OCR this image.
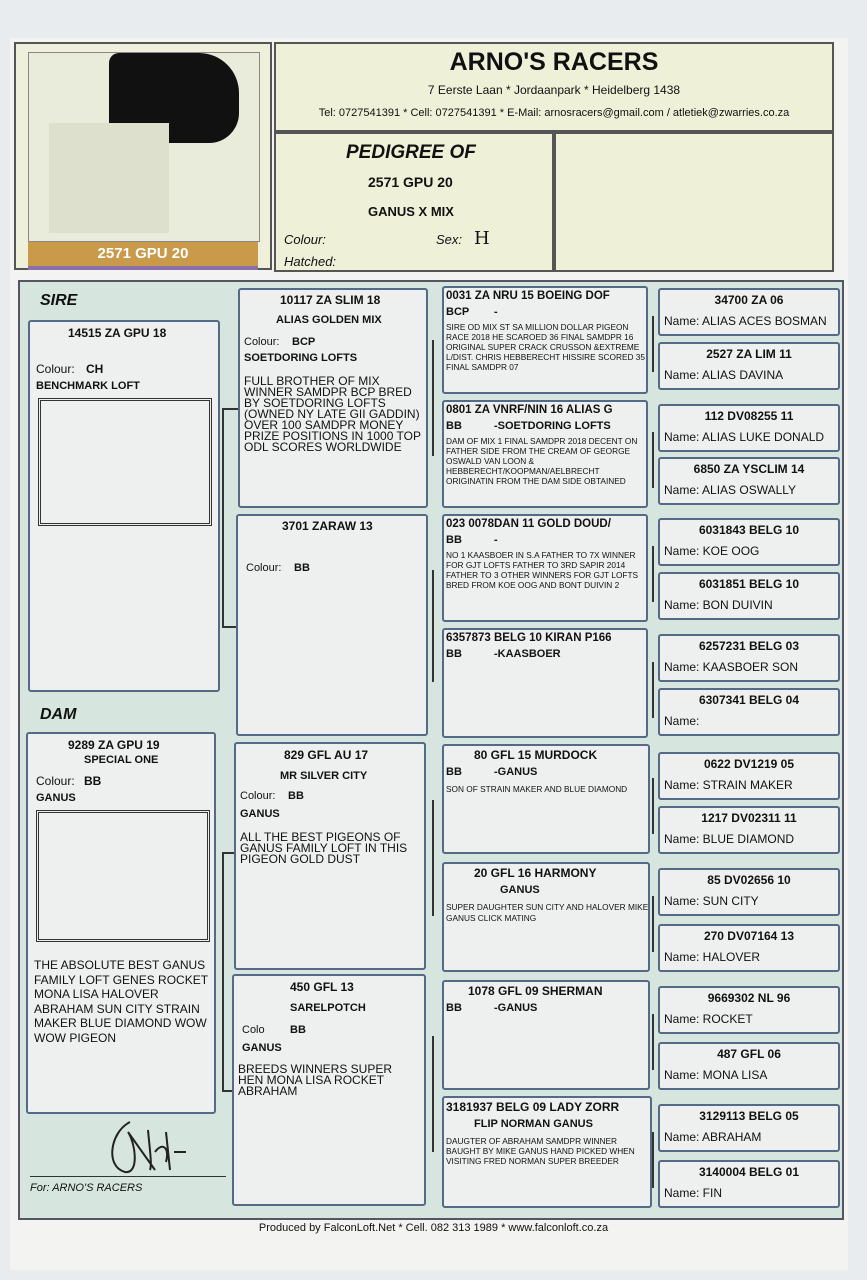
2571 GPU 20
ARNO'S RACERS
7 Eerste Laan * Jordaanpark * Heidelberg 1438
Tel: 0727541391 * Cell: 0727541391 * E-Mail: arnosracers@gmail.com / atletiek@zwarries.co.za
PEDIGREE OF
2571 GPU 20
GANUS X MIX
Colour:	Sex: H
Hatched:
SIRE
14515 ZA GPU 18
Colour: CH
BENCHMARK LOFT
DAM
9289 ZA GPU 19
SPECIAL ONE
Colour: BB
GANUS
THE ABSOLUTE BEST GANUS FAMILY LOFT GENES ROCKET MONA LISA HALOVER ABRAHAM SUN CITY STRAIN MAKER BLUE DIAMOND WOW WOW PIGEON
10117 ZA SLIM 18
ALIAS GOLDEN MIX
Colour: BCP
SOETDORING LOFTS
FULL BROTHER OF MIX WINNER SAMDPR BCP BRED BY SOETDORING LOFTS (OWNED NY LATE GII GADDIN) OVER 100 SAMDPR MONEY PRIZE POSITIONS IN 1000 TOP ODL SCORES WORLDWIDE
3701 ZARAW 13
Colour: BB
829 GFL AU 17
MR SILVER CITY
Colour: BB
GANUS
ALL THE BEST PIGEONS OF GANUS FAMILY LOFT IN THIS PIGEON GOLD DUST
450 GFL 13
SARELPOTCH
Colo BB
GANUS
BREEDS WINNERS SUPER HEN MONA LISA ROCKET ABRAHAM
0031 ZA NRU 15 BOEING DOF
BCP -
SIRE OD MIX ST SA MILLION DOLLAR PIGEON RACE 2018 HE SCAROED 36 FINAL SAMDPR 16 ORIGINAL SUPER CRACK CRUSSON &EXTREME L/DIST. CHRIS HEBBERECHT HISSIRE SCORED 35 FINAL SAMDPR 07
0801 ZA VNRF/NIN 16 ALIAS G
BB	-SOETDORING LOFTS
DAM OF MIX 1 FINAL SAMDPR 2018 DECENT ON FATHER SIDE FROM THE CREAM OF GEORGE OSWALD VAN LOON & HEBBERECHT/KOOPMAN/AELBRECHT ORIGINATIN FROM THE DAM SIDE OBTAINED
023 0078DAN 11 GOLD DOUD/
BB	-
NO 1 KAASBOER IN S.A FATHER TO 7X WINNER FOR GJT LOFTS FATHER TO 3RD SAPIR 2014 FATHER TO 3 OTHER WINNERS FOR GJT LOFTS BRED FROM KOE OOG AND BONT DUIVIN 2
6357873 BELG 10 KIRAN P166
BB	-KAASBOER
80 GFL 15 MURDOCK
BB	-GANUS
SON OF STRAIN MAKER AND BLUE DIAMOND
20 GFL 16 HARMONY
GANUS
SUPER DAUGHTER SUN CITY AND HALOVER MIKE GANUS CLICK MATING
1078 GFL 09 SHERMAN
BB	-GANUS
3181937 BELG 09 LADY ZORR
FLIP NORMAN GANUS
DAUGTER OF ABRAHAM SAMDPR WINNER BAUGHT BY MIKE GANUS HAND PICKED WHEN VISITING FRED NORMAN SUPER BREEDER
34700 ZA 06
Name: ALIAS ACES BOSMAN
2527 ZA LIM 11
Name: ALIAS DAVINA
112 DV08255 11
Name: ALIAS LUKE DONALD
6850 ZA YSCLIM 14
Name: ALIAS OSWALLY
6031843 BELG 10
Name: KOE OOG
6031851 BELG 10
Name: BON DUIVIN
6257231 BELG 03
Name: KAASBOER SON
6307341 BELG 04
Name:
0622 DV1219 05
Name: STRAIN MAKER
1217 DV02311 11
Name: BLUE DIAMOND
85 DV02656 10
Name: SUN CITY
270 DV07164 13
Name: HALOVER
9669302 NL 96
Name: ROCKET
487 GFL 06
Name: MONA LISA
3129113 BELG 05
Name: ABRAHAM
3140004 BELG 01
Name: FIN
For: ARNO'S RACERS
Produced by FalconLoft.Net * Cell. 082 313 1989 * www.falconloft.co.za
